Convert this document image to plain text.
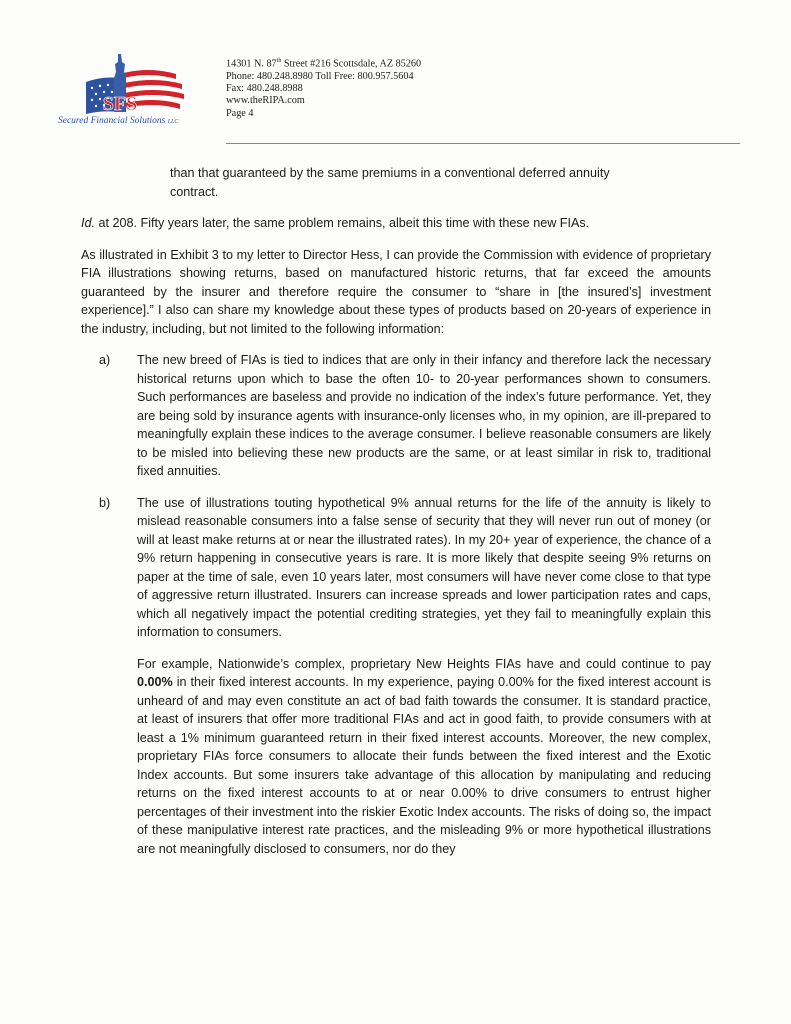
SFS
Secured Financial Solutions LLC
14301 N. 87th Street #216 Scottsdale, AZ 85260
Phone: 480.248.8980 Toll Free: 800.957.5604
Fax: 480.248.8988
www.theRIPA.com
Page 4

than that guaranteed by the same premiums in a conventional deferred annuity contract.

Id. at 208. Fifty years later, the same problem remains, albeit this time with these new FIAs.

As illustrated in Exhibit 3 to my letter to Director Hess, I can provide the Commission with evidence of proprietary FIA illustrations showing returns, based on manufactured historic returns, that far exceed the amounts guaranteed by the insurer and therefore require the consumer to “share in [the insured’s] investment experience].” I also can share my knowledge about these types of products based on 20-years of experience in the industry, including, but not limited to the following information:

a) The new breed of FIAs is tied to indices that are only in their infancy and therefore lack the necessary historical returns upon which to base the often 10- to 20-year performances shown to consumers. Such performances are baseless and provide no indication of the index’s future performance. Yet, they are being sold by insurance agents with insurance-only licenses who, in my opinion, are ill-prepared to meaningfully explain these indices to the average consumer. I believe reasonable consumers are likely to be misled into believing these new products are the same, or at least similar in risk to, traditional fixed annuities.
b) The use of illustrations touting hypothetical 9% annual returns for the life of the annuity is likely to mislead reasonable consumers into a false sense of security that they will never run out of money (or will at least make returns at or near the illustrated rates). In my 20+ year of experience, the chance of a 9% return happening in consecutive years is rare. It is more likely that despite seeing 9% returns on paper at the time of sale, even 10 years later, most consumers will have never come close to that type of aggressive return illustrated. Insurers can increase spreads and lower participation rates and caps, which all negatively impact the potential crediting strategies, yet they fail to meaningfully explain this information to consumers.

For example, Nationwide’s complex, proprietary New Heights FIAs have and could continue to pay 0.00% in their fixed interest accounts. In my experience, paying 0.00% for the fixed interest account is unheard of and may even constitute an act of bad faith towards the consumer. It is standard practice, at least of insurers that offer more traditional FIAs and act in good faith, to provide consumers with at least a 1% minimum guaranteed return in their fixed interest accounts. Moreover, the new complex, proprietary FIAs force consumers to allocate their funds between the fixed interest and the Exotic Index accounts. But some insurers take advantage of this allocation by manipulating and reducing returns on the fixed interest accounts to at or near 0.00% to drive consumers to entrust higher percentages of their investment into the riskier Exotic Index accounts. The risks of doing so, the impact of these manipulative interest rate practices, and the misleading 9% or more hypothetical illustrations are not meaningfully disclosed to consumers, nor do they
